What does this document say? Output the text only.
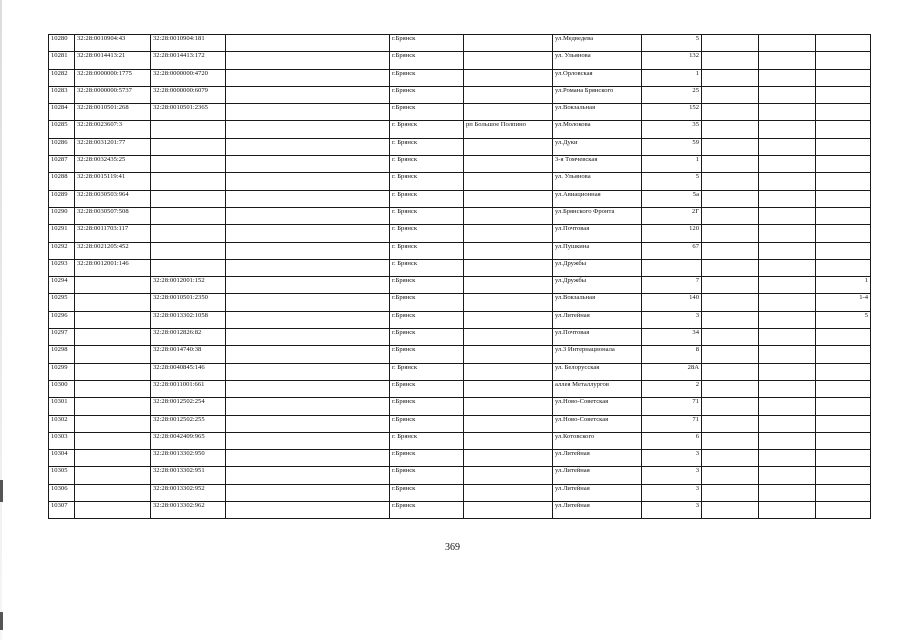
10280	32:28:0010904:43	32:28:0010904:181		г.Брянск		ул.Медведева	5			
10281	32:28:0014413:21	32:28:0014413:172		г.Брянск		ул. Ульянова	132			
10282	32:28:0000000:1775	32:28:0000000:4720		г.Брянск		ул.Орловская	1			
10283	32:28:0000000:5737	32:28:0000000:6079		г.Брянск		ул.Романа Брянского	25			
10284	32:28:0010501:268	32:28:0010501:2365		г.Брянск		ул.Вокзальная	152			
10285	32:28:0023607:3			г. Брянск	рп Большое Полпино	ул.Молокова	35			
10286	32:28:0031201:77			г. Брянск		ул.Дуки	59			
10287	32:28:0032435:25			г. Брянск		3-я Томчевская	1			
10288	32:28:0015119:41			г. Брянск		ул. Ульянова	5			
10289	32:28:0030503:964			г. Брянск		ул.Авиационная	5а			
10290	32:28:0030507:508			г. Брянск		ул.Брянского Фронта	2Г			
10291	32:28:0011703:117			г. Брянск		ул.Почтовая	120			
10292	32:28:0021205:452			г. Брянск		ул.Пушкина	67			
10293	32:28:0012001:146			г. Брянск		ул.Дружбы				
10294		32:28:0012001:152		г.Брянск		ул.Дружбы	7			1
10295		32:28:0010501:2350		г.Брянск		ул.Вокзальная	140			1-4
10296		32:28:0013302:1058		г.Брянск		ул.Литейная	3			5
10297		32:28:0012826:82		г.Брянск		ул.Почтовая	34			
10298		32:28:0014740:38		г.Брянск		ул.3 Интернационала	8			
10299		32:28:0040845:146		г. Брянск		ул. Белорусская	28А			
10300		32:28:0011001:661		г.Брянск		аллея Металлургов	2			
10301		32:28:0012502:254		г.Брянск		ул.Ново-Советская	71			
10302		32:28:0012502:255		г.Брянск		ул.Ново-Советская	71			
10303		32:28:0042409:965		г. Брянск		ул.Котовского	6			
10304		32:28:0013302:950		г.Брянск		ул.Литейная	3			
10305		32:28:0013302:951		г.Брянск		ул.Литейная	3			
10306		32:28:0013302:952		г.Брянск		ул.Литейная	3			
10307		32:28:0013302:962		г.Брянск		ул.Литейная	3			
369
